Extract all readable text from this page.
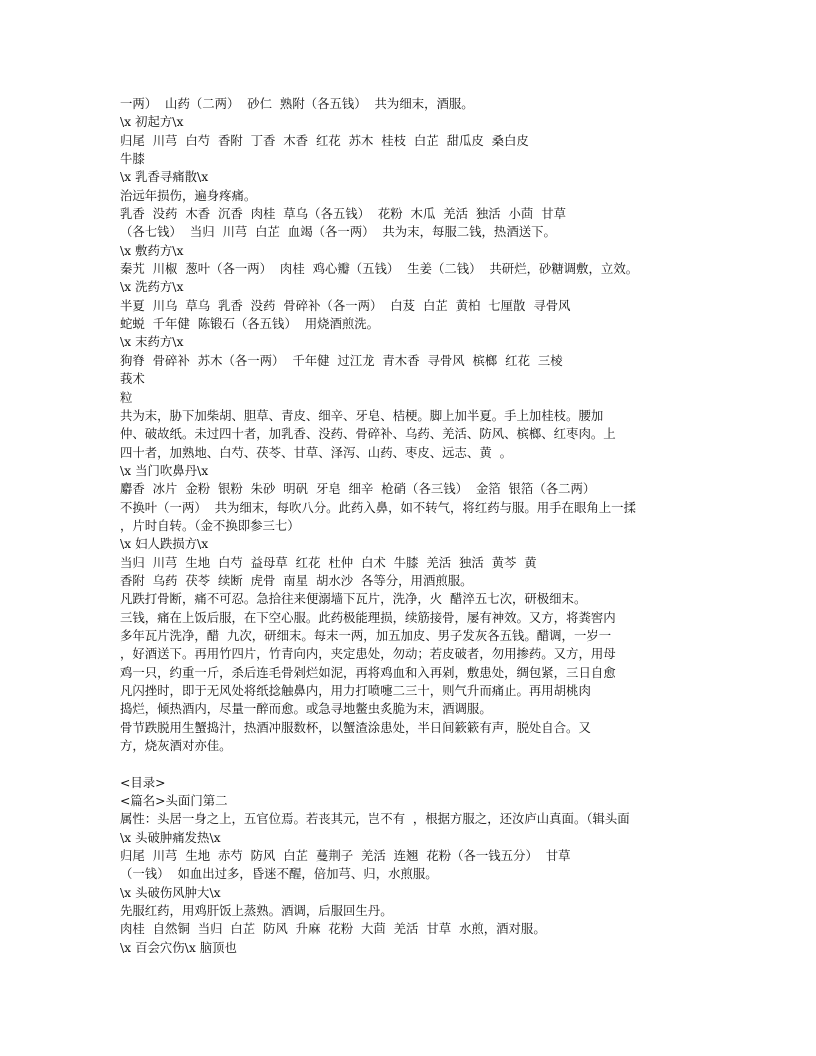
一两）  山药（二两）  砂仁  熟附（各五钱）  共为细末，酒服。
\x 初起方\x
归尾  川芎  白芍  香附  丁香  木香  红花  苏木  桂枝  白芷  甜瓜皮  桑白皮
牛膝
\x 乳香寻痛散\x
治远年损伤，遍身疼痛。
乳香  没药  木香  沉香  肉桂  草乌（各五钱）  花粉  木瓜  羌活  独活  小茴  甘草
（各七钱）  当归  川芎  白芷  血竭（各一两）  共为末，每服二钱，热酒送下。
\x 敷药方\x
秦艽  川椒  葱叶（各一两）  肉桂  鸡心瓣（五钱）  生姜（二钱）  共研烂，砂糖调敷，立效。
\x 洗药方\x
半夏  川乌  草乌  乳香  没药  骨碎补（各一两）  白芨  白芷  黄柏  七厘散  寻骨风
蛇蜕  千年健  陈锻石（各五钱）  用烧酒煎洗。
\x 末药方\x
狗脊  骨碎补  苏木（各一两）  千年健  过江龙  青木香  寻骨风  槟榔  红花  三棱
莪术
粒
共为末，胁下加柴胡、胆草、青皮、细辛、牙皂、桔梗。脚上加半夏。手上加桂枝。腰加
仲、破故纸。未过四十者，加乳香、没药、骨碎补、乌药、羌活、防风、槟榔、红枣肉。上
四十者，加熟地、白芍、茯苓、甘草、泽泻、山药、枣皮、远志、黄  。
\x 当门吹鼻丹\x
麝香  冰片  金粉  银粉  朱砂  明矾  牙皂  细辛  枪硝（各三钱）  金箔  银箔（各二两）
不换叶（一两）  共为细末，每吹八分。此药入鼻，如不转气，将红药与服。用手在眼角上一揉
，片时自转。（金不换即参三七）
\x 妇人跌损方\x
当归  川芎  生地  白芍  益母草  红花  杜仲  白术  牛膝  羌活  独活  黄芩  黄
香附  乌药  茯苓  续断  虎骨  南星  胡水沙  各等分，用酒煎服。
凡跌打骨断，痛不可忍。急拾往来便溺墙下瓦片，洗净，火  醋淬五七次，研极细末。
三钱，痛在上饭后服，在下空心服。此药极能理损，续筋接骨，屡有神效。又方，将粪窖内
多年瓦片洗净，醋  九次，研细末。每末一两，加五加皮、男子发灰各五钱。醋调，一岁一
，好酒送下。再用竹四片，竹青向内，夹定患处，勿动；若皮破者，勿用掺药。又方，用母
鸡一只，约重一斤，杀后连毛骨剁烂如泥，再将鸡血和入再剁，敷患处，绸包紧，三日自愈
凡闪挫时，即于无风处将纸捻触鼻内，用力打喷嚏二三十，则气升而痛止。再用胡桃肉
捣烂，倾热酒内，尽量一醉而愈。或急寻地鳖虫炙脆为末，酒调服。
骨节跌脱用生蟹捣汁，热酒冲服数杯，以蟹渣涂患处，半日间簌簌有声，脱处自合。又
方，烧灰酒对亦佳。
<目录>
<篇名>头面门第二
属性：头居一身之上，五官位焉。若丧其元，岂不有  ，根据方服之，还汝庐山真面。（辑头面
\x 头破肿痛发热\x
归尾  川芎  生地  赤芍  防风  白芷  蔓荆子  羌活  连翘  花粉（各一钱五分）  甘草
（一钱）  如血出过多，昏迷不醒，倍加芎、归，水煎服。
\x 头破伤风肿大\x
先服红药，用鸡肝饭上蒸熟。酒调，后服回生丹。
肉桂  自然铜  当归  白芷  防风  升麻  花粉  大茴  羌活  甘草  水煎，酒对服。
\x 百会穴伤\x 脑顶也
